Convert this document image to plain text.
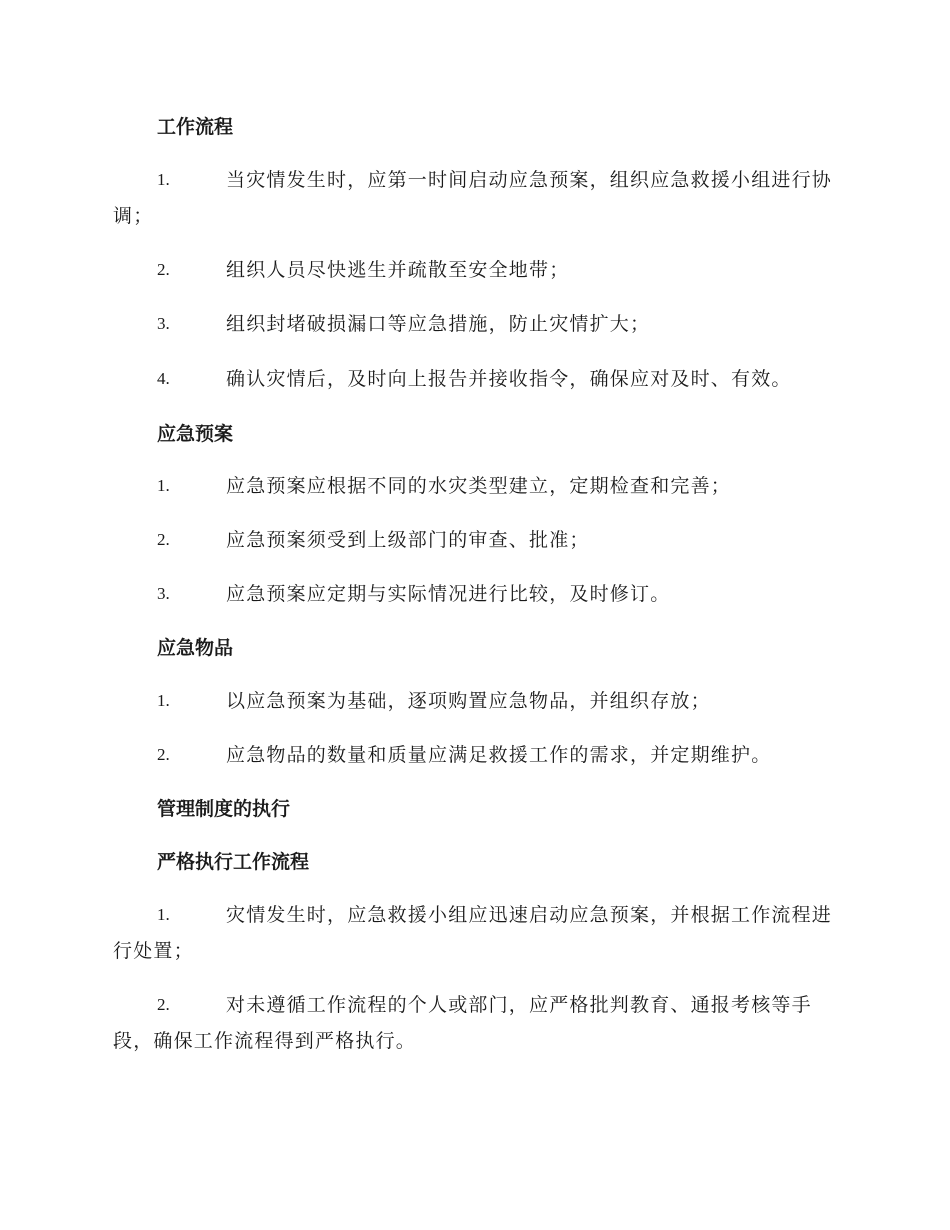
工作流程
1.	当灾情发生时，应第一时间启动应急预案，组织应急救援小组进行协调；
2.	组织人员尽快逃生并疏散至安全地带；
3.	组织封堵破损漏口等应急措施，防止灾情扩大；
4.	确认灾情后，及时向上报告并接收指令，确保应对及时、有效。
应急预案
1.	应急预案应根据不同的水灾类型建立，定期检查和完善；
2.	应急预案须受到上级部门的审查、批准；
3.	应急预案应定期与实际情况进行比较，及时修订。
应急物品
1.	以应急预案为基础，逐项购置应急物品，并组织存放；
2.	应急物品的数量和质量应满足救援工作的需求，并定期维护。
管理制度的执行
严格执行工作流程
1.	灾情发生时，应急救援小组应迅速启动应急预案，并根据工作流程进行处置；
2.	对未遵循工作流程的个人或部门，应严格批判教育、通报考核等手段，确保工作流程得到严格执行。
